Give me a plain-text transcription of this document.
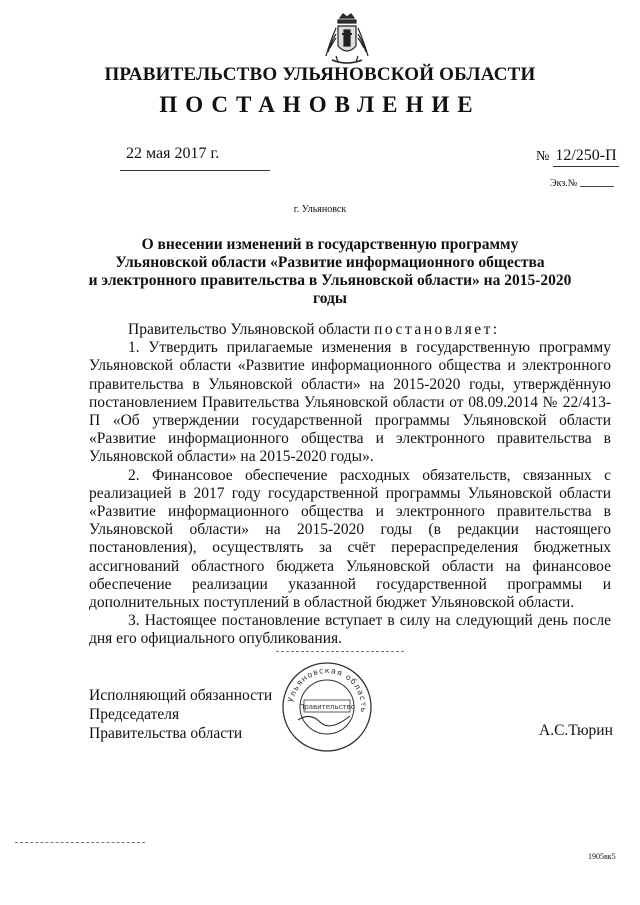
ПРАВИТЕЛЬСТВО УЛЬЯНОВСКОЙ ОБЛАСТИ
ПОСТАНОВЛЕНИЕ
22 мая 2017 г.	№ 12/250-П
Экз.№
г. Ульяновск
О внесении изменений в государственную программу
Ульяновской области «Развитие информационного общества
и электронного правительства в Ульяновской области» на 2015-2020 годы

Правительство Ульяновской области постановляет:

1. Утвердить прилагаемые изменения в государственную программу Ульяновской области «Развитие информационного общества и электронного правительства в Ульяновской области» на 2015-2020 годы, утверждённую постановлением Правительства Ульяновской области от 08.09.2014 № 22/413-П «Об утверждении государственной программы Ульяновской области «Развитие информационного общества и электронного правительства в Ульяновской области» на 2015-2020 годы».

2. Финансовое обеспечение расходных обязательств, связанных с реализацией в 2017 году государственной программы Ульяновской области «Развитие информационного общества и электронного правительства в Ульяновской области» на 2015-2020 годы (в редакции настоящего постановления), осуществлять за счёт перераспределения бюджетных ассигнований областного бюджета Ульяновской области на финансовое обеспечение реализации указанной государственной программы и дополнительных поступлений в областной бюджет Ульяновской области.

3. Настоящее постановление вступает в силу на следующий день после дня его официального опубликования.

Исполняющий обязанности
Председателя
Правительства области
Ульяновская область
Правительство
А.С.Тюрин
1905вк5
